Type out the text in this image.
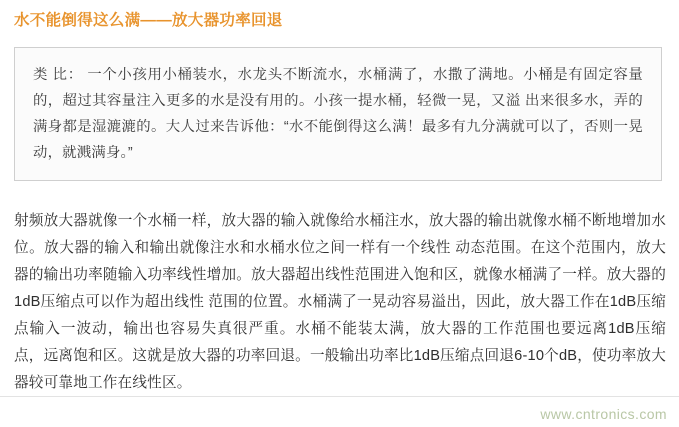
水不能倒得这么满——放大器功率回退
类 比： 一个小孩用小桶装水，水龙头不断流水，水桶满了，水撒了满地。小桶是有固定容量的，超过其容量注入更多的水是没有用的。小孩一提水桶，轻微一晃，又溢 出来很多水，弄的满身都是湿漉漉的。大人过来告诉他：“水不能倒得这么满！最多有九分满就可以了，否则一晃动，就溅满身。”
射频放大器就像一个水桶一样，放大器的输入就像给水桶注水，放大器的输出就像水桶不断地增加水位。放大器的输入和输出就像注水和水桶水位之间一样有一个线性 动态范围。在这个范围内，放大器的输出功率随输入功率线性增加。放大器超出线性范围进入饱和区，就像水桶满了一样。放大器的1dB压缩点可以作为超出线性 范围的位置。水桶满了一晃动容易溢出，因此，放大器工作在1dB压缩点输入一波动，输出也容易失真很严重。水桶不能装太满，放大器的工作范围也要远离1dB压缩 点，远离饱和区。这就是放大器的功率回退。一般输出功率比1dB压缩点回退6-10个dB，使功率放大器较可靠地工作在线性区。
www.cntronics.com
